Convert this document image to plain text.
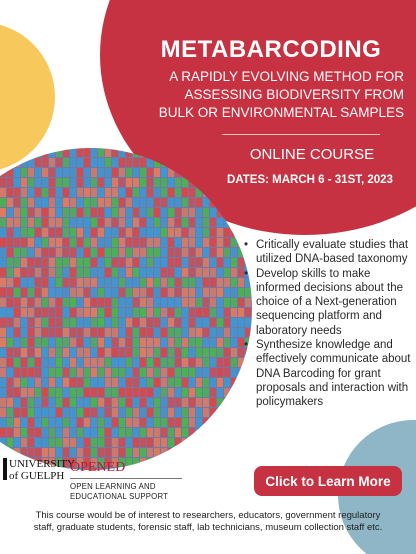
METABARCODING

A RAPIDLY EVOLVING METHOD FOR
ASSESSING BIODIVERSITY FROM
BULK OR ENVIRONMENTAL SAMPLES

ONLINE COURSE

DATES: MARCH 6 - 31ST, 2023

• Critically evaluate studies that utilized DNA-based taxonomy
• Develop skills to make informed decisions about the choice of a Next-generation sequencing platform and laboratory needs
• Synthesize knowledge and effectively communicate about DNA Barcoding for grant proposals and interaction with policymakers
UNIVERSITY
of GUELPH
OPENED
OPEN LEARNING AND
EDUCATIONAL SUPPORT
Click to Learn More

This course would be of interest to researchers, educators, government regulatory
staff, graduate students, forensic staff, lab technicians, museum collection staff etc.
